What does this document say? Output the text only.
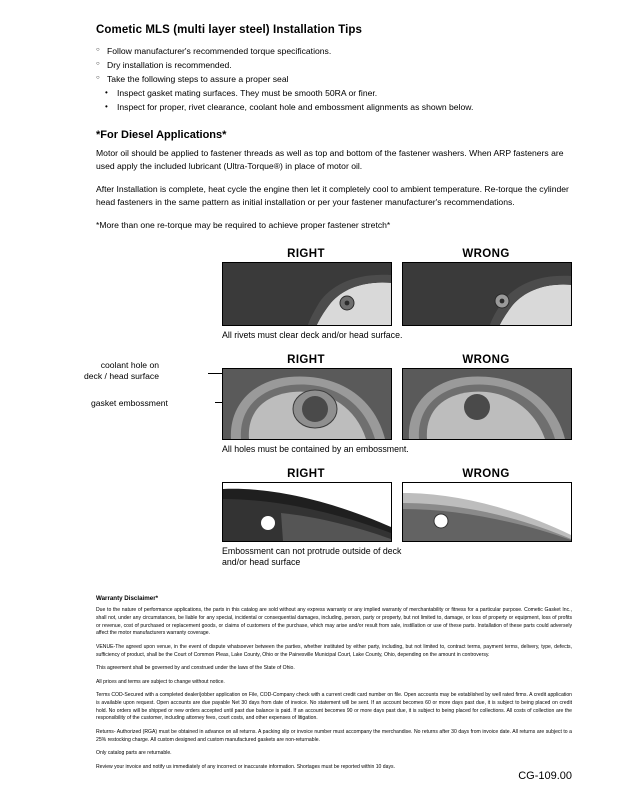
Cometic MLS (multi layer steel) Installation Tips
○ Follow manufacturer's recommended torque specifications.
○ Dry installation is recommended.
○ Take the following steps to assure a proper seal
• Inspect gasket mating surfaces. They must be smooth 50RA or finer.
• Inspect for proper, rivet clearance, coolant hole and embossment alignments as shown below.
*For Diesel Applications*

Motor oil should be applied to fastener threads as well as top and bottom of the fastener washers. When ARP fasteners are used apply the included lubricant (Ultra-Torque®) in place of motor oil.

After Installation is complete, heat cycle the engine then let it completely cool to ambient temperature. Re-torque the cylinder head fasteners in the same pattern as initial installation or per your fastener manufacturer's recommendations.

*More than one re-torque may be required to achieve proper fastener stretch*

RIGHT	WRONG
All rivets must clear deck and/or head surface.
coolant hole on
deck / head surface
gasket embossment
RIGHT	WRONG
All holes must be contained by an embossment.
RIGHT	WRONG
Embossment can not protrude outside of deck
and/or head surface
Warranty Disclaimer*

Due to the nature of performance applications, the parts in this catalog are sold without any express warranty or any implied warranty of merchantability or fitness for a particular purpose. Cometic Gasket Inc., shall not, under any circumstances, be liable for any special, incidental or consequential damages, including, person, party or property, but not limited to, damage, or loss of property or equipment, loss of profits or revenue, cost of purchased or replacement goods, or claims of customers of the purchase, which may arise and/or result from sale, instillation or use of these parts. Installation of these parts could adversely affect the motor manufacturers warranty coverage.

VENUE-The agreed upon venue, in the event of dispute whatsoever between the parties, whether instituted by either party, including, but not limited to, contract terms, payment terms, delivery, type, defects, sufficiency of product, shall be the Court of Common Pleas, Lake County, Ohio or the Painesville Municipal Court, Lake County, Ohio, depending on the amount in controversy.

This agreement shall be governed by and construed under the laws of the State of Ohio.

All prices and terms are subject to change without notice.

Terms COD-Secured with a completed dealer/jobber application on File, COD-Company check with a current credit card number on file. Open accounts may be established by well rated firms. A credit application is available upon request. Open accounts are due payable Net 30 days from date of invoice. No statement will be sent. If an account becomes 60 or more days past due, it is subject to being placed on credit hold. No orders will be shipped or new orders accepted until past due balance is paid. If an account becomes 90 or more days past due, it is subject to being placed for collections. All costs of collection are the responsibility of the customer, including attorney fees, court costs, and other expenses of litigation.

Returns- Authorized (RGA) must be obtained in advance on all returns. A packing slip or invoice number must accompany the merchandise. No returns after 30 days from invoice date. All returns are subject to a 25% restocking charge. All custom designed and custom manufactured gaskets are non-returnable.

Only catalog parts are returnable.

Review your invoice and notify us immediately of any incorrect or inaccurate information. Shortages must be reported within 10 days.

CG-109.00
